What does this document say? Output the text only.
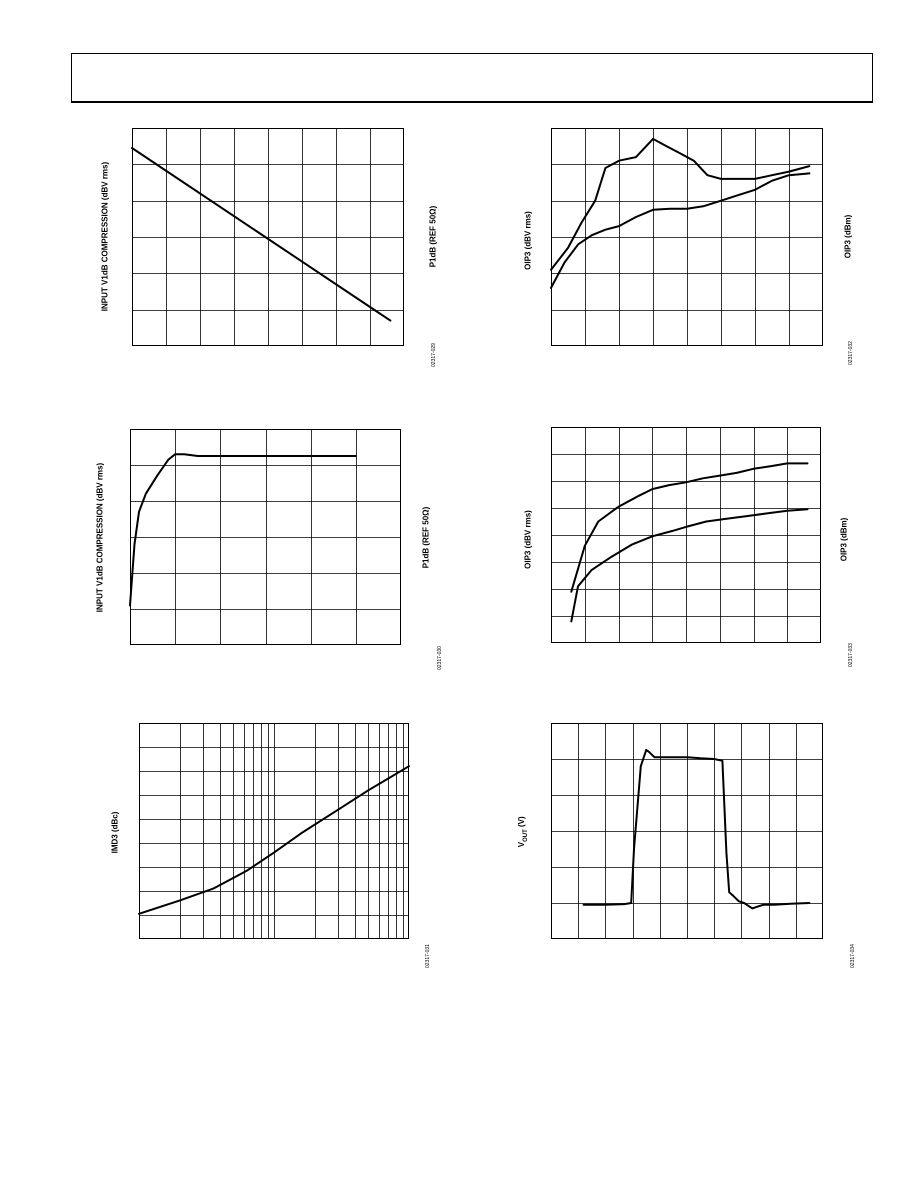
INPUT V1dB COMPRESSION (dBV rms)	P1dB (REF 50Ω)
02317-029
OIP3 (dBV rms)	OIP3 (dBm)
02317-032
INPUT V1dB COMPRESSION (dBV rms)	P1dB (REF 50Ω)
02317-030
OIP3 (dBV rms)	OIP3 (dBm)
02317-033
IMD3 (dBc)
02317-031
$V_{OUT}$ (V)
02317-034
